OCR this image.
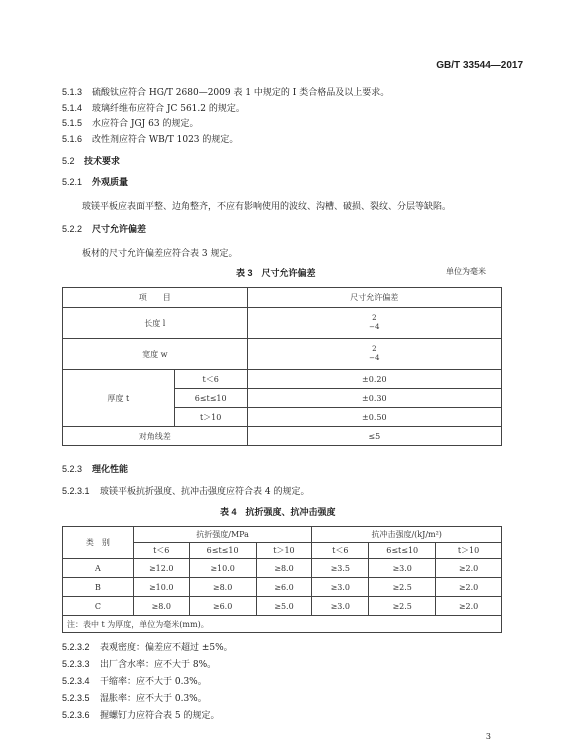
GB/T 33544—2017
5.1.3 硫酸钛应符合 HG/T 2680—2009 表 1 中规定的 Ⅰ 类合格品及以上要求。
5.1.4 玻璃纤维布应符合 JC 561.2 的规定。
5.1.5 水应符合 JGJ 63 的规定。
5.1.6 改性剂应符合 WB/T 1023 的规定。
5.2 技术要求
5.2.1 外观质量
玻镁平板应表面平整、边角整齐，不应有影响使用的波纹、沟槽、破损、裂纹、分层等缺陷。
5.2.2 尺寸允许偏差
板材的尺寸允许偏差应符合表 3 规定。
表 3　尺寸允许偏差	单位为毫米
项　　目		尺寸允许偏差
长度 l		2
−4
宽度 w		2
−4
厚度 t	t＜6	±0.20
	6≤t≤10	±0.30
	t＞10	±0.50
对角线差		≤5
5.2.3 理化性能
5.2.3.1 玻镁平板抗折强度、抗冲击强度应符合表 4 的规定。
表 4　抗折强度、抗冲击强度
类　别	抗折强度/MPa			抗冲击强度/(kJ/m²)		
	t＜6	6≤t≤10	t＞10	t＜6	6≤t≤10	t＞10
A	≥12.0	≥10.0	≥8.0	≥3.5	≥3.0	≥2.0
B	≥10.0	≥8.0	≥6.0	≥3.0	≥2.5	≥2.0
C	≥8.0	≥6.0	≥5.0	≥3.0	≥2.5	≥2.0
注：表中 t 为厚度，单位为毫米(mm)。						
5.2.3.2 表观密度：偏差应不超过 ±5%。
5.2.3.3 出厂含水率：应不大于 8%。
5.2.3.4 干缩率：应不大于 0.3%。
5.2.3.5 湿胀率：应不大于 0.3%。
5.2.3.6 握螺钉力应符合表 5 的规定。
3
